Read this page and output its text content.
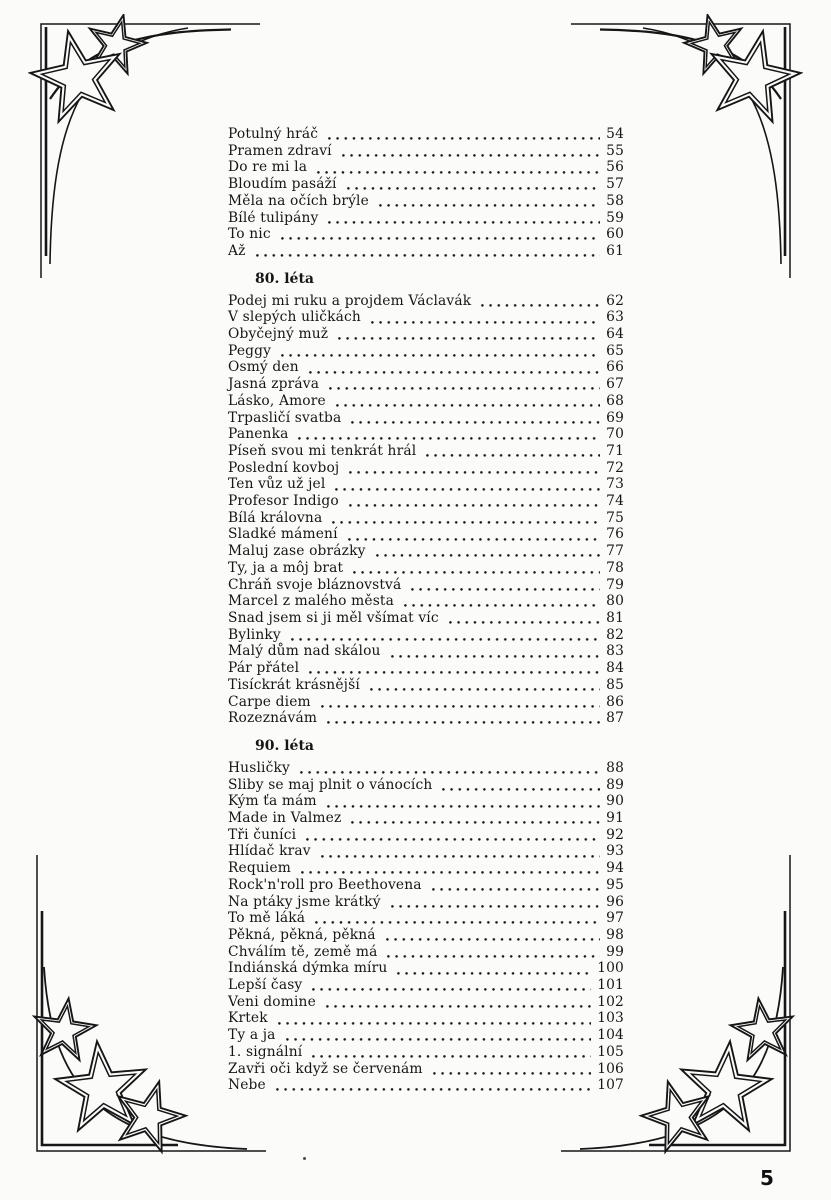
Potulný hráč	54
Pramen zdraví	55
Do re mi la	56
Bloudím pasáží	57
Měla na očích brýle	58
Bílé tulipány	59
To nic	60
Až	61
80. léta
Podej mi ruku a projdem Václavák	62
V slepých uličkách	63
Obyčejný muž	64
Peggy	65
Osmý den	66
Jasná zpráva	67
Lásko, Amore	68
Trpasličí svatba	69
Panenka	70
Píseň svou mi tenkrát hrál	71
Poslední kovboj	72
Ten vůz už jel	73
Profesor Indigo	74
Bílá královna	75
Sladké mámení	76
Maluj zase obrázky	77
Ty, ja a môj brat	78
Chráň svoje bláznovstvá	79
Marcel z malého města	80
Snad jsem si ji měl všímat víc	81
Bylinky	82
Malý dům nad skálou	83
Pár přátel	84
Tisíckrát krásnější	85
Carpe diem	86
Rozeznávám	87
90. léta
Husličky	88
Sliby se maj plnit o vánocích	89
Kým ťa mám	90
Made in Valmez	91
Tři čuníci	92
Hlídač krav	93
Requiem	94
Rock'n'roll pro Beethovena	95
Na ptáky jsme krátký	96
To mě láká	97
Pěkná, pěkná, pěkná	98
Chválím tě, země má	99
Indiánská dýmka míru	100
Lepší časy	101
Veni domine	102
Krtek	103
Ty a ja	104
1. signální	105
Zavři oči když se červenám	106
Nebe	107
5
